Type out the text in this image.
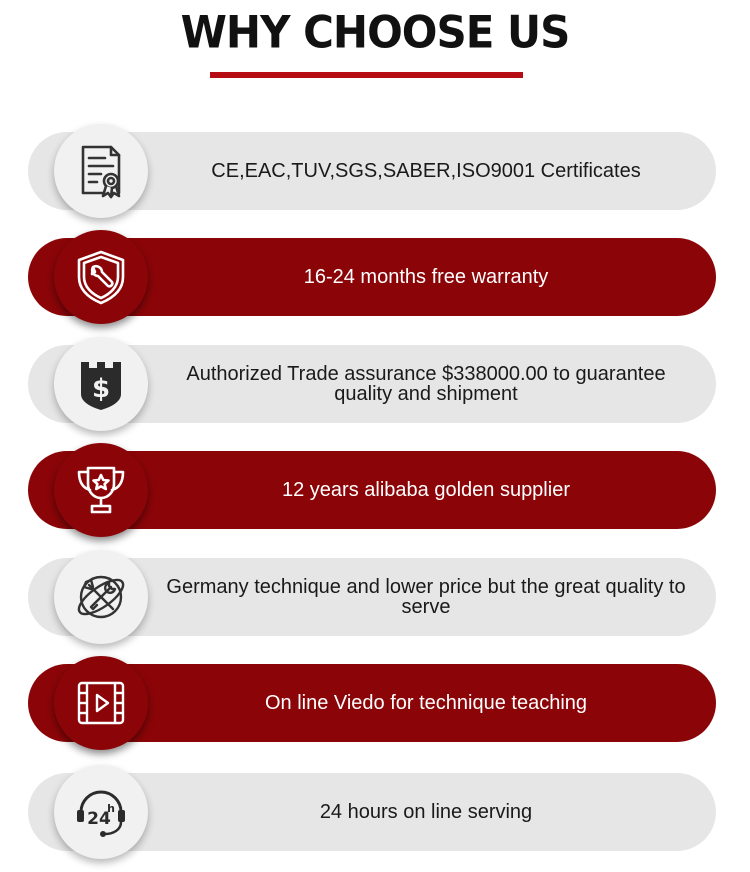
WHY CHOOSE US
CE,EAC,TUV,SGS,SABER,ISO9001 Certificates
16-24 months free warranty
$	Authorized Trade assurance $338000.00 to guarantee quality and shipment
12 years alibaba golden supplier
Germany technique and lower price but the great quality to serve
On line Viedo for technique teaching
24
h	24 hours on line serving
